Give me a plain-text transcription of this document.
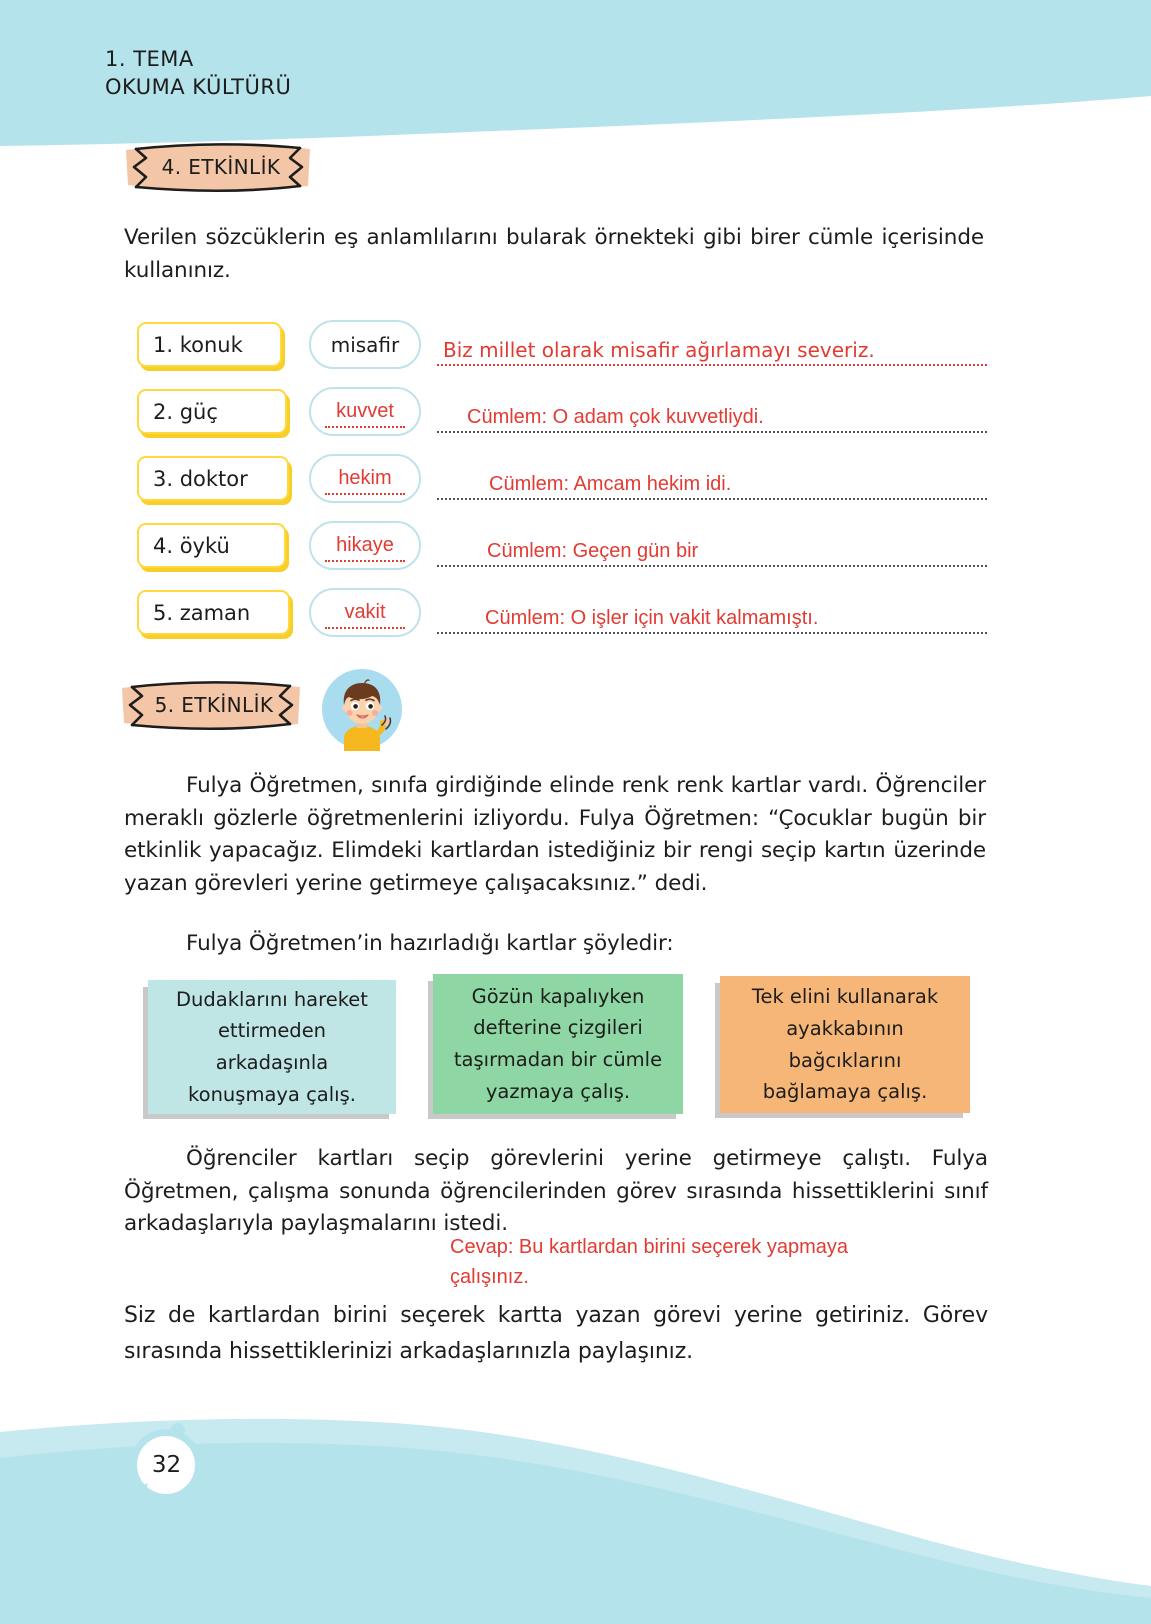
1. TEMA
OKUMA KÜLTÜRÜ
4. ETKİNLİK
Verilen sözcüklerin eş anlamlılarını bularak örnekteki gibi birer cümle içerisinde kullanınız.
1. konuk	misafir	Biz millet olarak misafir ağırlamayı severiz.
2. güç	kuvvet	Cümlem: O adam çok kuvvetliydi.
3. doktor	hekim	Cümlem: Amcam hekim idi.
4. öykü	hikaye	Cümlem: Geçen gün bir
5. zaman	vakit	Cümlem: O işler için vakit kalmamıştı.
5. ETKİNLİK
Fulya Öğretmen, sınıfa girdiğinde elinde renk renk kartlar vardı. Öğrenciler meraklı gözlerle öğretmenlerini izliyordu. Fulya Öğretmen: “Çocuklar bugün bir etkinlik yapacağız. Elimdeki kartlardan istediğiniz bir rengi seçip kartın üzerinde yazan görevleri yerine getirmeye çalışacaksınız.” dedi.
Fulya Öğretmen’in hazırladığı kartlar şöyledir:
Dudaklarını hareket ettirmeden arkadaşınla konuşmaya çalış.
Gözün kapalıyken defterine çizgileri taşırmadan bir cümle yazmaya çalış.
Tek elini kullanarak ayakkabının bağcıklarını bağlamaya çalış.
Öğrenciler kartları seçip görevlerini yerine getirmeye çalıştı. Fulya Öğretmen, çalışma sonunda öğrencilerinden görev sırasında hissettiklerini sınıf arkadaşlarıyla paylaşmalarını istedi.
Cevap: Bu kartlardan birini seçerek yapmaya çalışınız.
Siz de kartlardan birini seçerek kartta yazan görevi yerine getiriniz. Görev sırasında hissettiklerinizi arkadaşlarınızla paylaşınız.
32
